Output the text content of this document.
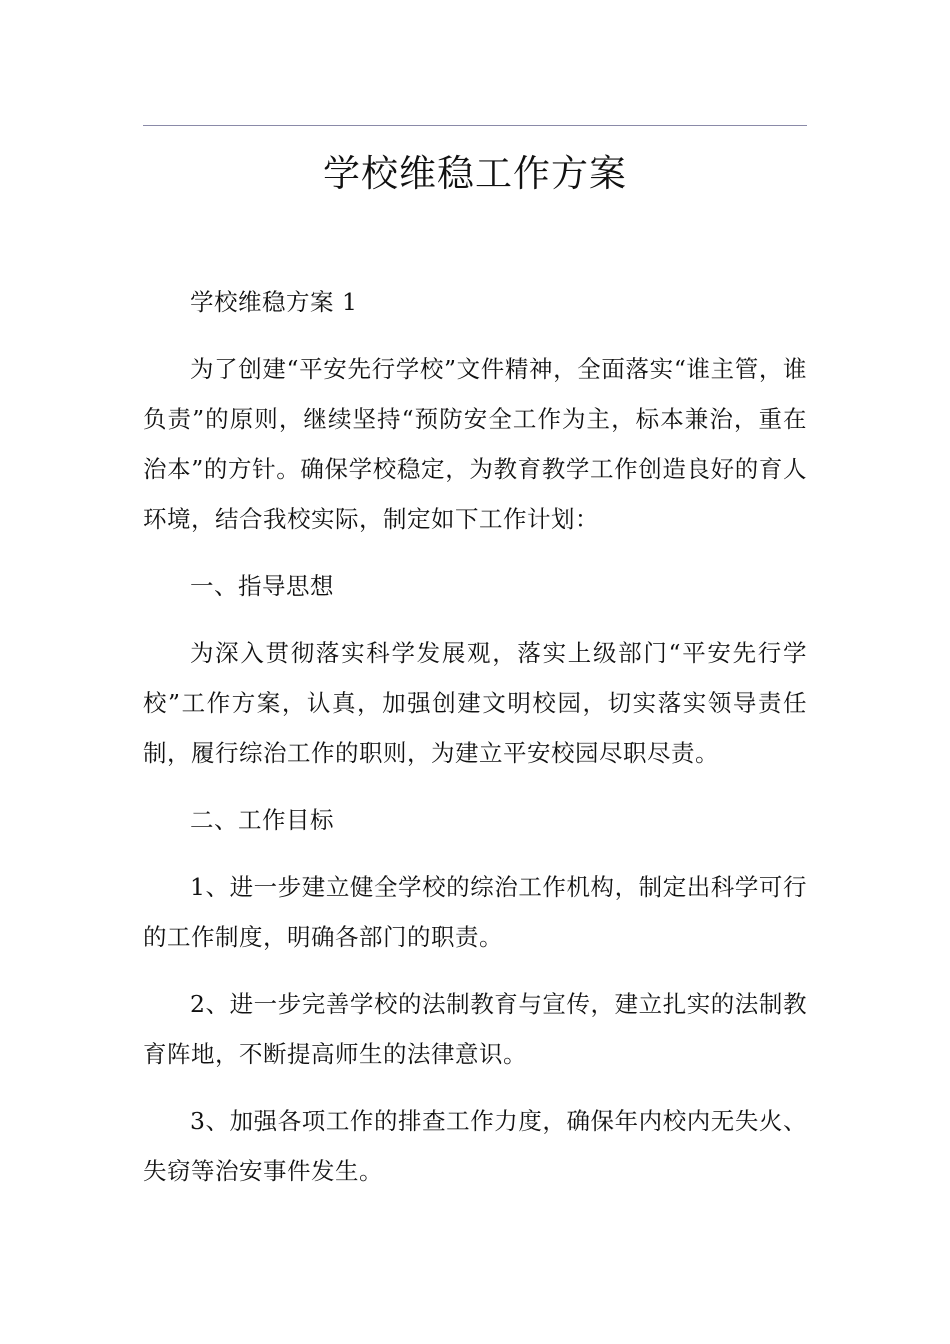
学校维稳工作方案

学校维稳方案 1

为了创建“平安先行学校”文件精神，全面落实“谁主管，谁负责”的原则，继续坚持“预防安全工作为主，标本兼治，重在治本”的方针。确保学校稳定，为教育教学工作创造良好的育人环境，结合我校实际，制定如下工作计划：

一、指导思想

为深入贯彻落实科学发展观，落实上级部门“平安先行学校”工作方案，认真，加强创建文明校园，切实落实领导责任制，履行综治工作的职则，为建立平安校园尽职尽责。

二、工作目标

1、进一步建立健全学校的综治工作机构，制定出科学可行的工作制度，明确各部门的职责。

2、进一步完善学校的法制教育与宣传，建立扎实的法制教育阵地，不断提高师生的法律意识。

3、加强各项工作的排查工作力度，确保年内校内无失火、失窃等治安事件发生。
